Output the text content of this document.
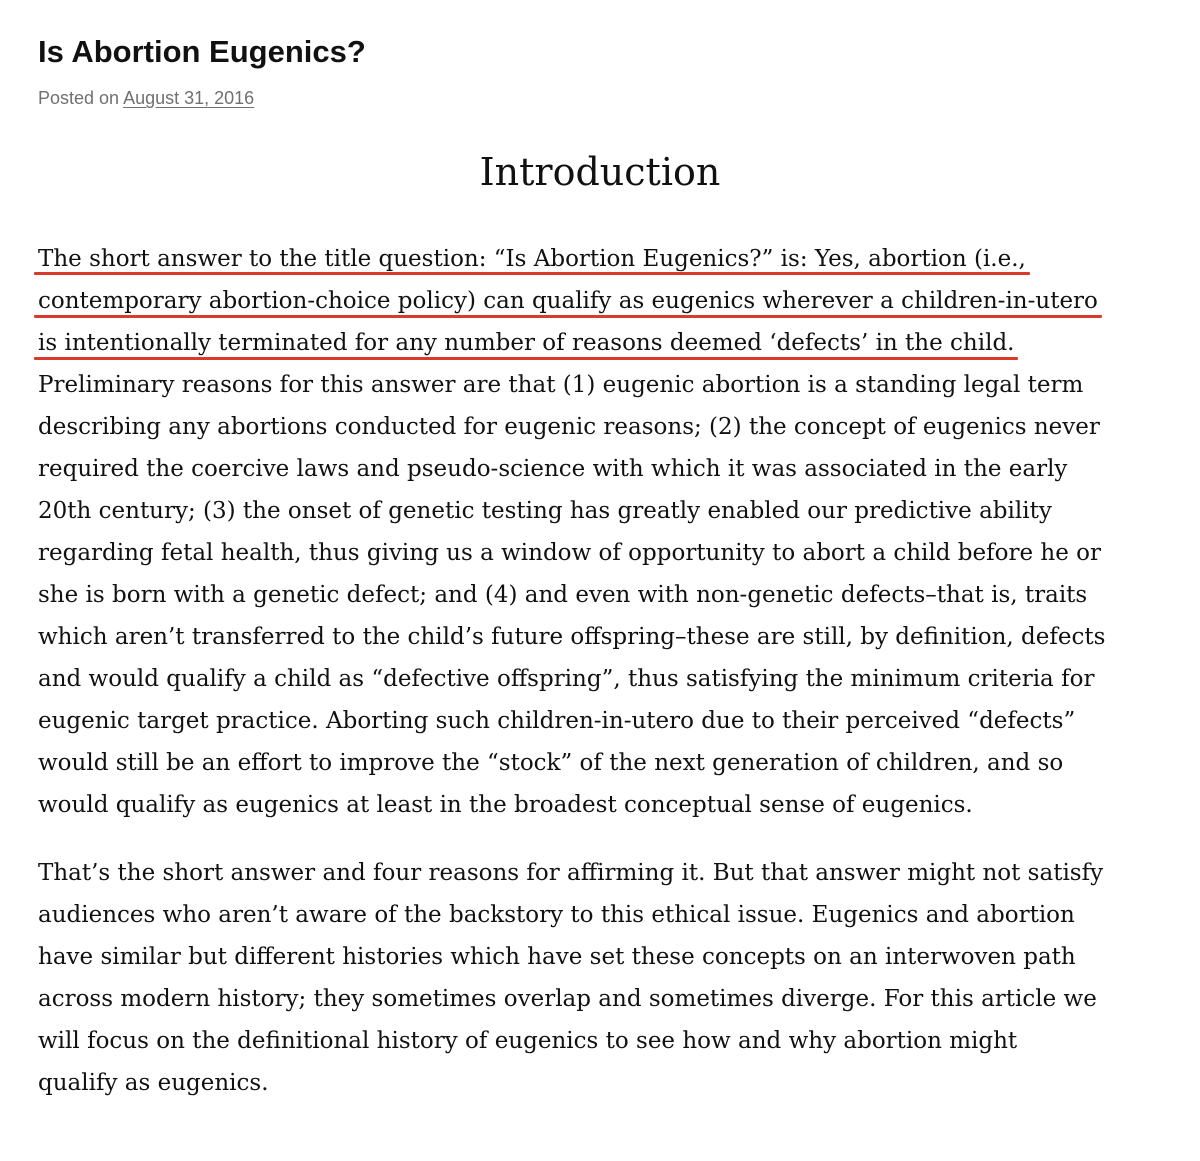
Is Abortion Eugenics?
Posted on August 31, 2016
Introduction
The short answer to the title question: “Is Abortion Eugenics?” is: Yes, abortion (i.e.,
contemporary abortion-choice policy) can qualify as eugenics wherever a children-in-utero
is intentionally terminated for any number of reasons deemed ‘defects’ in the child.
Preliminary reasons for this answer are that (1) eugenic abortion is a standing legal term
describing any abortions conducted for eugenic reasons; (2) the concept of eugenics never
required the coercive laws and pseudo-science with which it was associated in the early
20th century; (3) the onset of genetic testing has greatly enabled our predictive ability
regarding fetal health, thus giving us a window of opportunity to abort a child before he or
she is born with a genetic defect; and (4) and even with non-genetic defects–that is, traits
which aren’t transferred to the child’s future offspring–these are still, by definition, defects
and would qualify a child as “defective offspring”, thus satisfying the minimum criteria for
eugenic target practice. Aborting such children-in-utero due to their perceived “defects”
would still be an effort to improve the “stock” of the next generation of children, and so
would qualify as eugenics at least in the broadest conceptual sense of eugenics.
That’s the short answer and four reasons for affirming it. But that answer might not satisfy
audiences who aren’t aware of the backstory to this ethical issue. Eugenics and abortion
have similar but different histories which have set these concepts on an interwoven path
across modern history; they sometimes overlap and sometimes diverge. For this article we
will focus on the definitional history of eugenics to see how and why abortion might
qualify as eugenics.
